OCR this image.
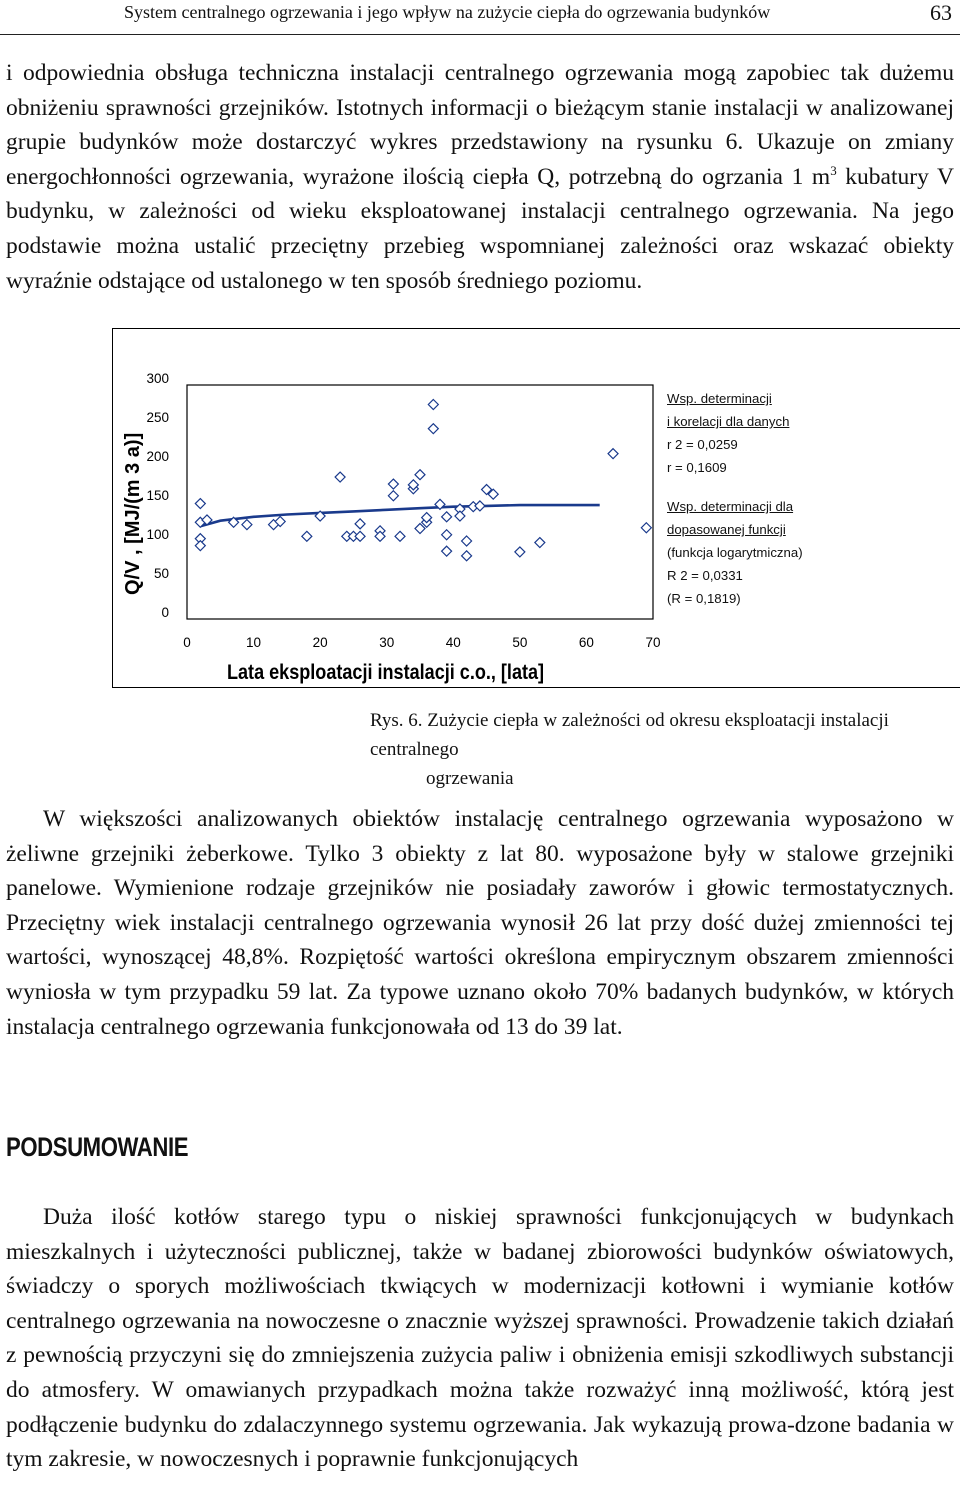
System centralnego ogrzewania i jego wpływ na zużycie ciepła do ogrzewania budynków	63

i odpowiednia obsługa techniczna instalacji centralnego ogrzewania mogą zapobiec tak dużemu obniżeniu sprawności grzejników. Istotnych informacji o bieżącym stanie instalacji w analizowanej grupie budynków może dostarczyć wykres przedstawiony na rysunku 6. Ukazuje on zmiany energochłonności ogrzewania, wyrażone ilością ciepła Q, potrzebną do ogrzania 1 $m^3$ kubatury V budynku, w zależności od wieku eksploatowanej instalacji centralnego ogrzewania. Na jego podstawie można ustalić przeciętny przebieg wspomnianej zależności oraz wskazać obiekty wyraźnie odstające od ustalonego w ten sposób średniego poziomu.

0
50
100
150
200
250
300
0	10	20	30	40	50	60	70
Lata eksploatacji instalacji c.o., [lata]
Q/V , [MJ/(m 3 a)]
Wsp. determinacji
i korelacji dla danych
r 2 = 0,0259
r = 0,1609
Wsp. determinacji dla
dopasowanej funkcji
(funkcja logarytmiczna)
R 2 = 0,0331
(R = 0,1819)
Rys. 6. Zużycie ciepła w zależności od okresu eksploatacji instalacji centralnego
ogrzewania

W większości analizowanych obiektów instalację centralnego ogrzewania wyposażono w żeliwne grzejniki żeberkowe. Tylko 3 obiekty z lat 80. wyposażone były w stalowe grzejniki panelowe. Wymienione rodzaje grzejników nie posiadały zaworów i głowic termostatycznych. Przeciętny wiek instalacji centralnego ogrzewania wynosił 26 lat przy dość dużej zmienności tej wartości, wynoszącej 48,8%. Rozpiętość wartości określona empirycznym obszarem zmienności wyniosła w tym przypadku 59 lat. Za typowe uznano około 70% badanych budynków, w których instalacja centralnego ogrzewania funkcjonowała od 13 do 39 lat.

PODSUMOWANIE

Duża ilość kotłów starego typu o niskiej sprawności funkcjonujących w budynkach mieszkalnych i użyteczności publicznej, także w badanej zbiorowości budynków oświatowych, świadczy o sporych możliwościach tkwiących w modernizacji kotłowni i wymianie kotłów centralnego ogrzewania na nowoczesne o znacznie wyższej sprawności. Prowadzenie takich działań z pewnością przyczyni się do zmniejszenia zużycia paliw i obniżenia emisji szkodliwych substancji do atmosfery. W omawianych przypadkach można także rozważyć inną możliwość, którą jest podłączenie budynku do zdalaczynnego systemu ogrzewania. Jak wykazują prowa-dzone badania w tym zakresie, w nowoczesnych i poprawnie funkcjonujących
